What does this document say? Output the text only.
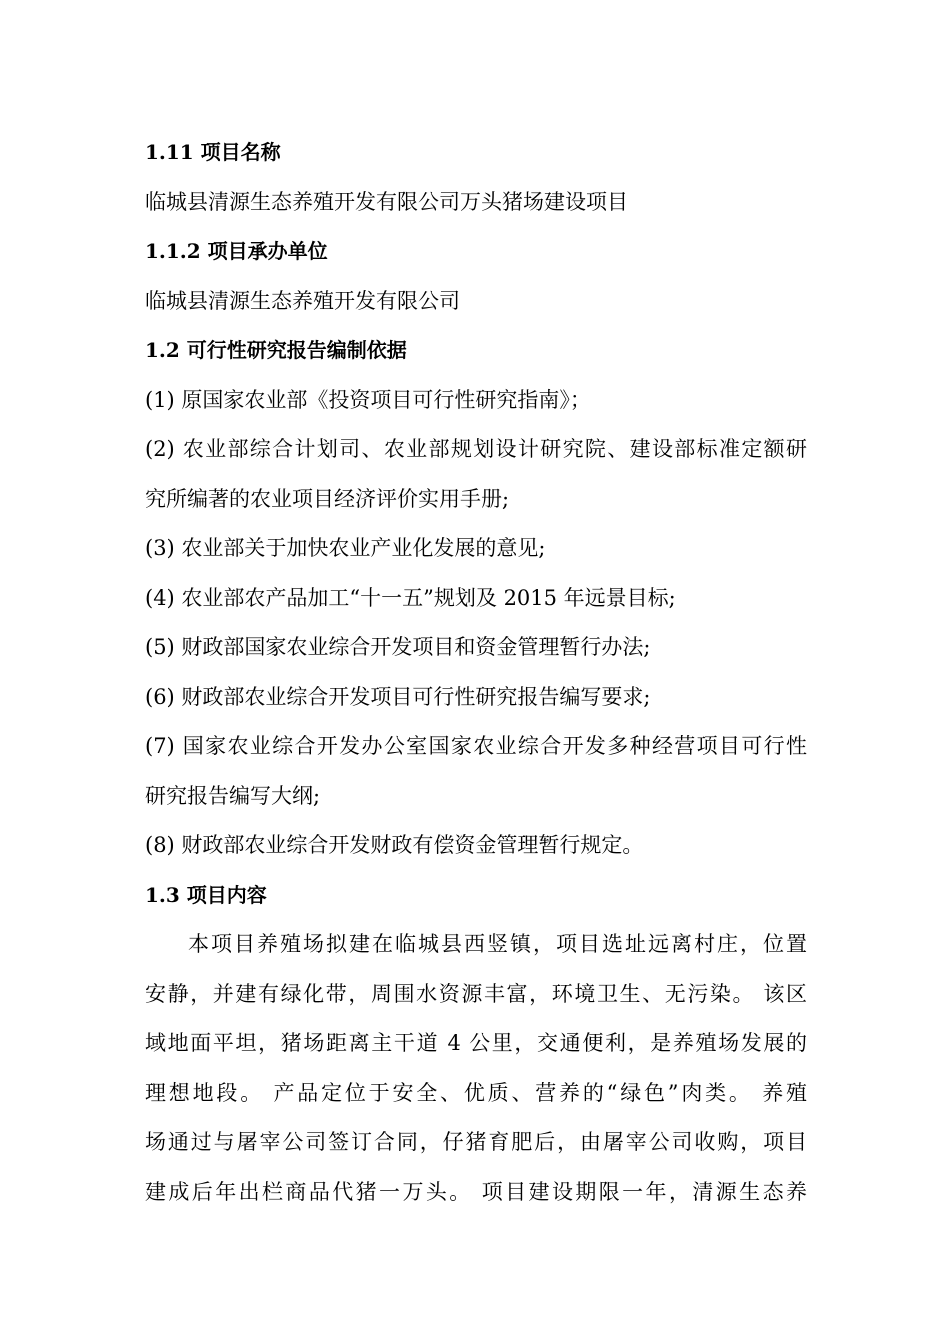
1.11 项目名称
临城县清源生态养殖开发有限公司万头猪场建设项目
1.1.2 项目承办单位
临城县清源生态养殖开发有限公司
1.2 可行性研究报告编制依据
(1) 原国家农业部《投资项目可行性研究指南》；
(2) 农业部综合计划司、农业部规划设计研究院、建设部标准定额研
究所编著的农业项目经济评价实用手册;
(3) 农业部关于加快农业产业化发展的意见;
(4) 农业部农产品加工“十一五”规划及 2015 年远景目标;
(5) 财政部国家农业综合开发项目和资金管理暂行办法;
(6) 财政部农业综合开发项目可行性研究报告编写要求;
(7) 国家农业综合开发办公室国家农业综合开发多种经营项目可行性
研究报告编写大纲;
(8) 财政部农业综合开发财政有偿资金管理暂行规定。
1.3 项目内容
本项目养殖场拟建在临城县西竖镇，项目选址远离村庄，位置
安静，并建有绿化带，周围水资源丰富，环境卫生、无污染。 该区
域地面平坦，猪场距离主干道 4 公里，交通便利，是养殖场发展的
理想地段。 产品定位于安全、优质、营养的“绿色”肉类。 养殖
场通过与屠宰公司签订合同，仔猪育肥后，由屠宰公司收购，项目
建成后年出栏商品代猪一万头。 项目建设期限一年，清源生态养
